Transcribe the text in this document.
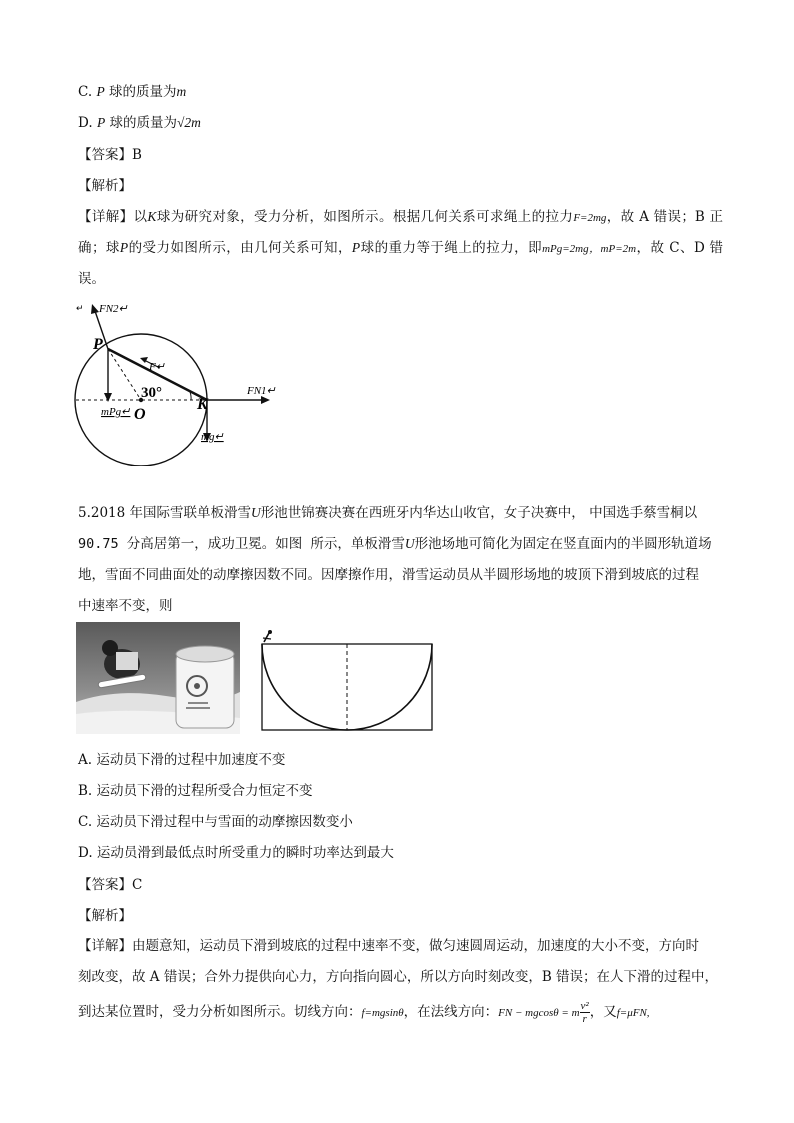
C. P 球的质量为m
D. P 球的质量为√2m
【答案】B
【解析】
【详解】以K球为研究对象，受力分析，如图所示。根据几何关系可求绳上的拉力F=2mg，故 A 错误；B 正确；球P的受力如图所示，由几何关系可知，P球的重力等于绳上的拉力，即mPg=2mg，mP=2m，故 C、D 错误。
↵ FN2↵
P
F↵
30°
O
K
FN1↵
mPg↵
mg↵
5.2018 年国际雪联单板滑雪U形池世锦赛决赛在西班牙内华达山收官，女子决赛中， 中国选手蔡雪桐以
90.75 分高居第一，成功卫冕。如图 所示，单板滑雪U形池场地可简化为固定在竖直面内的半圆形轨道场
地，雪面不同曲面处的动摩擦因数不同。因摩擦作用，滑雪运动员从半圆形场地的坡顶下滑到坡底的过程
中速率不变，则
A. 运动员下滑的过程中加速度不变
B. 运动员下滑的过程所受合力恒定不变
C. 运动员下滑过程中与雪面的动摩擦因数变小
D. 运动员滑到最低点时所受重力的瞬时功率达到最大
【答案】C
【解析】
【详解】由题意知，运动员下滑到坡底的过程中速率不变，做匀速圆周运动，加速度的大小不变，方向时
刻改变，故 A 错误；合外力提供向心力，方向指向圆心，所以方向时刻改变，B 错误；在人下滑的过程中，
到达某位置时，受力分析如图所示。切线方向：f=mgsinθ，在法线方向：FN − mgcosθ = m $\frac{\text{v²}}{r}$ ，又f=μFN,
